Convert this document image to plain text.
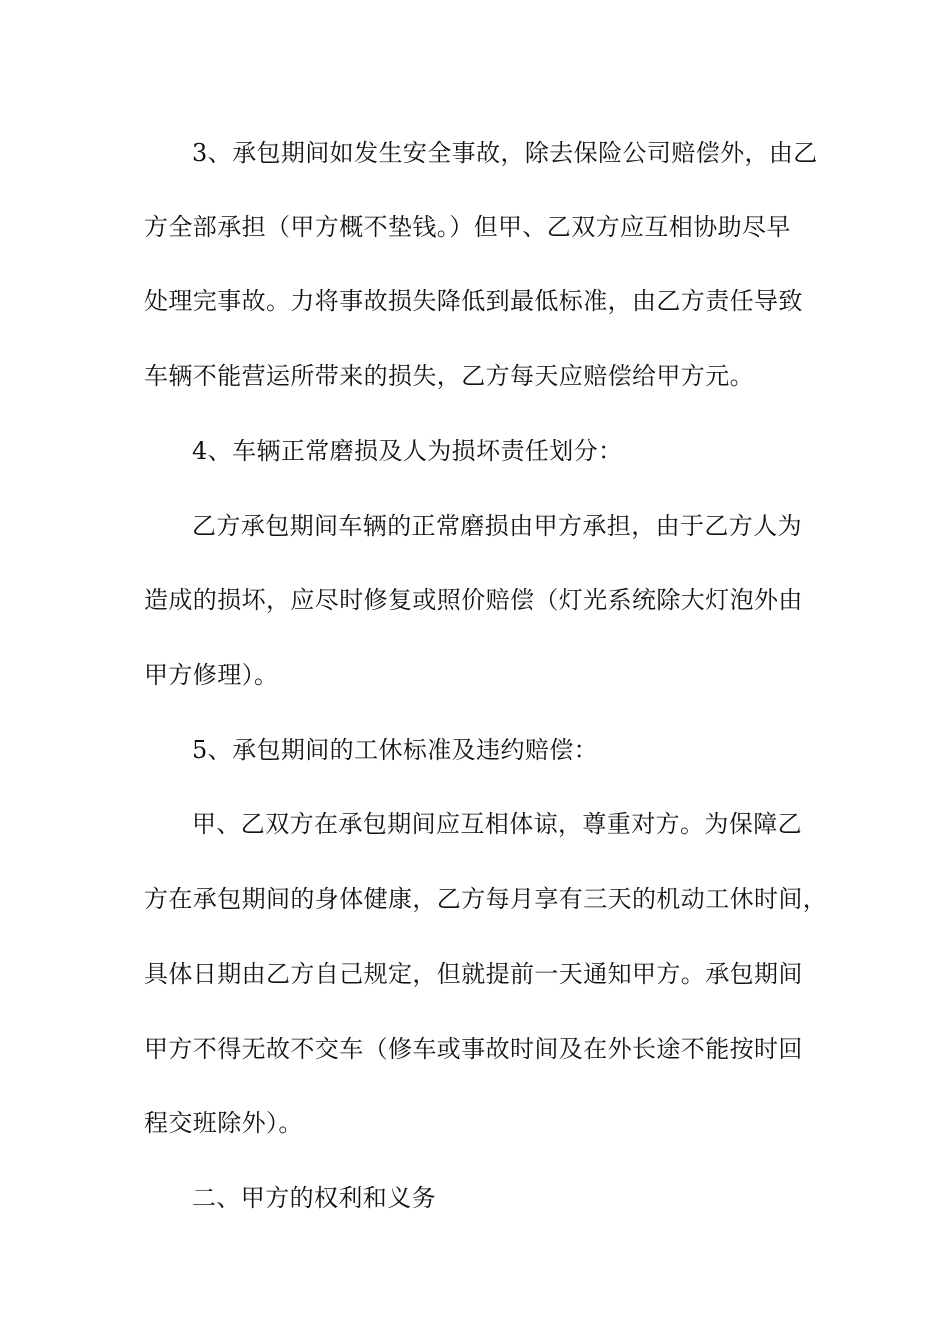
3、承包期间如发生安全事故，除去保险公司赔偿外，由乙
方全部承担（甲方概不垫钱。）但甲、乙双方应互相协助尽早
处理完事故。力将事故损失降低到最低标准，由乙方责任导致
车辆不能营运所带来的损失，乙方每天应赔偿给甲方元。
4、车辆正常磨损及人为损坏责任划分：
乙方承包期间车辆的正常磨损由甲方承担，由于乙方人为
造成的损坏，应尽时修复或照价赔偿（灯光系统除大灯泡外由
甲方修理）。
5、承包期间的工休标准及违约赔偿：
甲、乙双方在承包期间应互相体谅，尊重对方。为保障乙
方在承包期间的身体健康，乙方每月享有三天的机动工休时间，
具体日期由乙方自己规定，但就提前一天通知甲方。承包期间
甲方不得无故不交车（修车或事故时间及在外长途不能按时回
程交班除外）。
二、甲方的权利和义务
